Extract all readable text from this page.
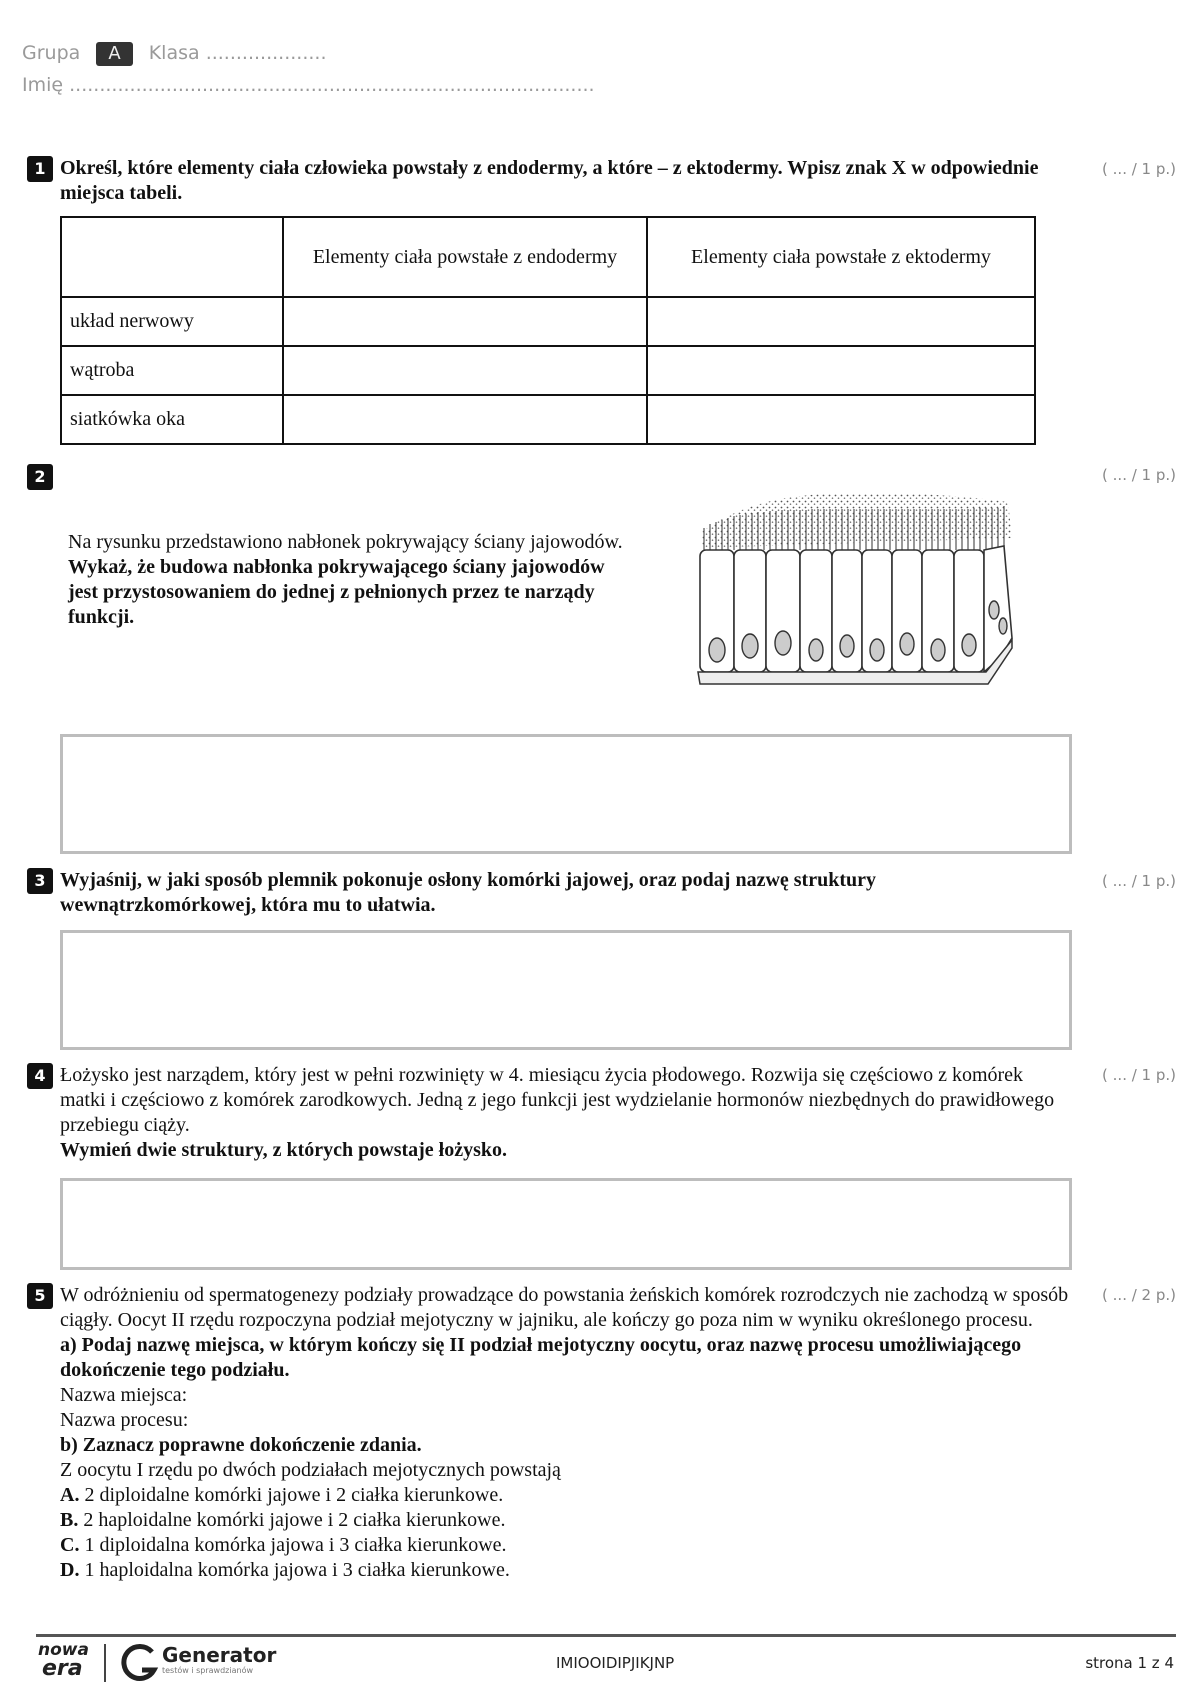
Grupa A Klasa ....................
Imię .......................................................................................
1	( ... / 1 p.)
Określ, które elementy ciała człowieka powstały z endodermy, a które – z ektodermy. Wpisz znak X w odpowiednie miejsca tabeli.
	Elementy ciała powstałe z endodermy	Elementy ciała powstałe z ektodermy
układ nerwowy		
wątroba		
siatkówka oka		
2	( ... / 1 p.)
Na rysunku przedstawiono nabłonek pokrywający ściany jajowodów.
Wykaż, że budowa nabłonka pokrywającego ściany jajowodów jest przystosowaniem do jednej z pełnionych przez te narządy funkcji.
3	( ... / 1 p.)
Wyjaśnij, w jaki sposób plemnik pokonuje osłony komórki jajowej, oraz podaj nazwę struktury wewnątrzkomórkowej, która mu to ułatwia.
4	( ... / 1 p.)
Łożysko jest narządem, który jest w pełni rozwinięty w 4. miesiącu życia płodowego. Rozwija się częściowo z komórek matki i częściowo z komórek zarodkowych. Jedną z jego funkcji jest wydzielanie hormonów niezbędnych do prawidłowego przebiegu ciąży.
Wymień dwie struktury, z których powstaje łożysko.
5	( ... / 2 p.)
W odróżnieniu od spermatogenezy podziały prowadzące do powstania żeńskich komórek rozrodczych nie zachodzą w sposób ciągły. Oocyt II rzędu rozpoczyna podział mejotyczny w jajniku, ale kończy go poza nim w wyniku określonego procesu.
a) Podaj nazwę miejsca, w którym kończy się II podział mejotyczny oocytu, oraz nazwę procesu umożliwiającego dokończenie tego podziału.
Nazwa miejsca:
Nazwa procesu:
b) Zaznacz poprawne dokończenie zdania.
Z oocytu I rzędu po dwóch podziałach mejotycznych powstają
A. 2 diploidalne komórki jajowe i 2 ciałka kierunkowe.
B. 2 haploidalne komórki jajowe i 2 ciałka kierunkowe.
C. 1 diploidalna komórka jajowa i 3 ciałka kierunkowe.
D. 1 haploidalna komórka jajowa i 3 ciałka kierunkowe.
nowa
era
Generator
testów i sprawdzianów	IMIOOIDIPJIKJNP	strona 1 z 4
